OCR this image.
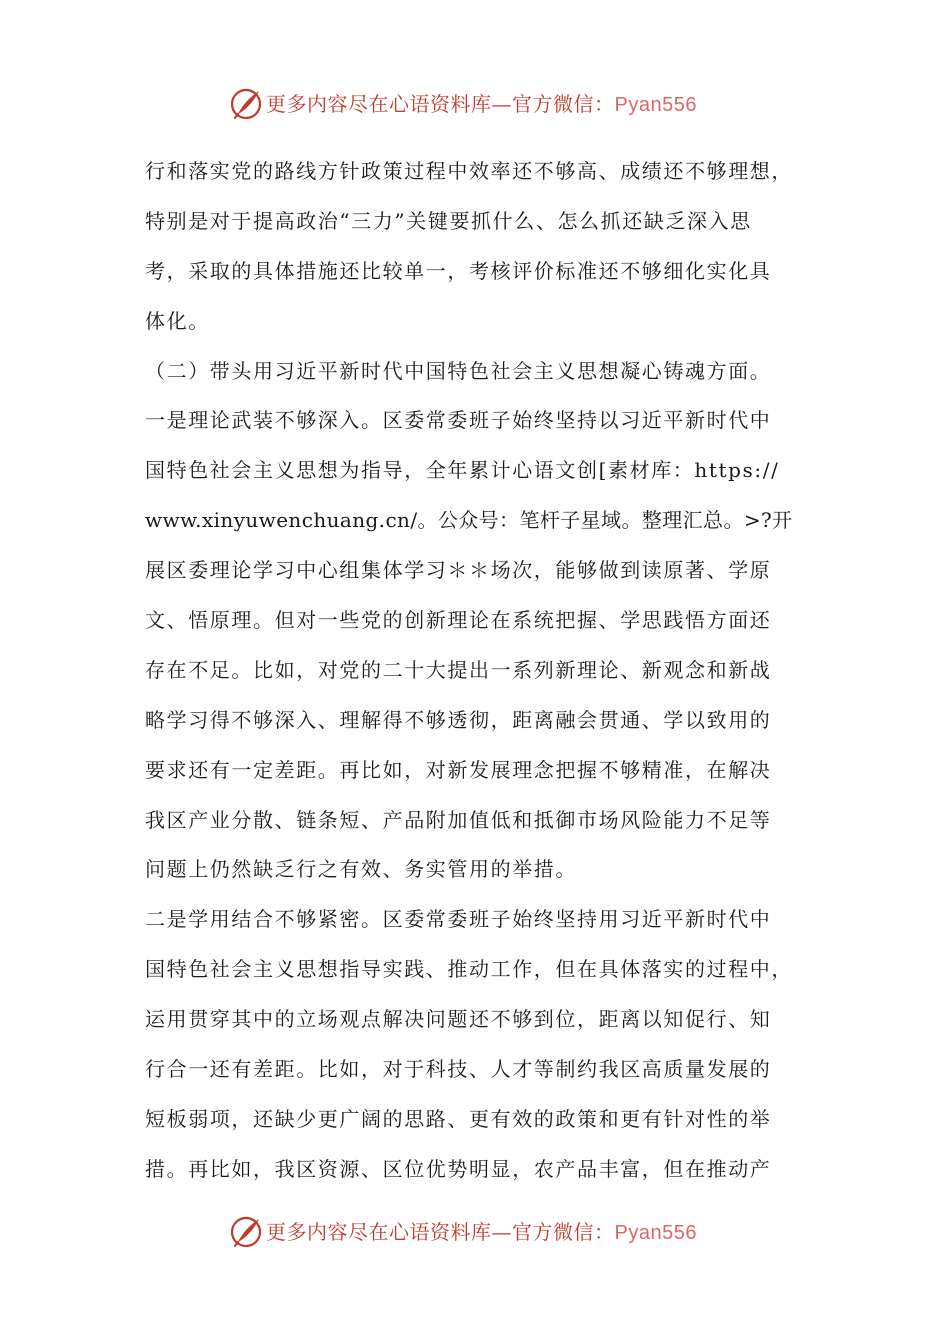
更多内容尽在心语资料库—官方微信：Pyan556
行和落实党的路线方针政策过程中效率还不够高、成绩还不够理想，
特别是对于提高政治“三力”关键要抓什么、怎么抓还缺乏深入思
考，采取的具体措施还比较单一，考核评价标准还不够细化实化具
体化。
（二）带头用习近平新时代中国特色社会主义思想凝心铸魂方面。
一是理论武装不够深入。区委常委班子始终坚持以习近平新时代中
国特色社会主义思想为指导，全年累计心语文创[素材库：https://
www.xinyuwenchuang.cn/。公众号：笔杆子星域。整理汇总。>?开
展区委理论学习中心组集体学习＊＊场次，能够做到读原著、学原
文、悟原理。但对一些党的创新理论在系统把握、学思践悟方面还
存在不足。比如，对党的二十大提出一系列新理论、新观念和新战
略学习得不够深入、理解得不够透彻，距离融会贯通、学以致用的
要求还有一定差距。再比如，对新发展理念把握不够精准，在解决
我区产业分散、链条短、产品附加值低和抵御市场风险能力不足等
问题上仍然缺乏行之有效、务实管用的举措。
二是学用结合不够紧密。区委常委班子始终坚持用习近平新时代中
国特色社会主义思想指导实践、推动工作，但在具体落实的过程中，
运用贯穿其中的立场观点解决问题还不够到位，距离以知促行、知
行合一还有差距。比如，对于科技、人才等制约我区高质量发展的
短板弱项，还缺少更广阔的思路、更有效的政策和更有针对性的举
措。再比如，我区资源、区位优势明显，农产品丰富，但在推动产
更多内容尽在心语资料库—官方微信：Pyan556
